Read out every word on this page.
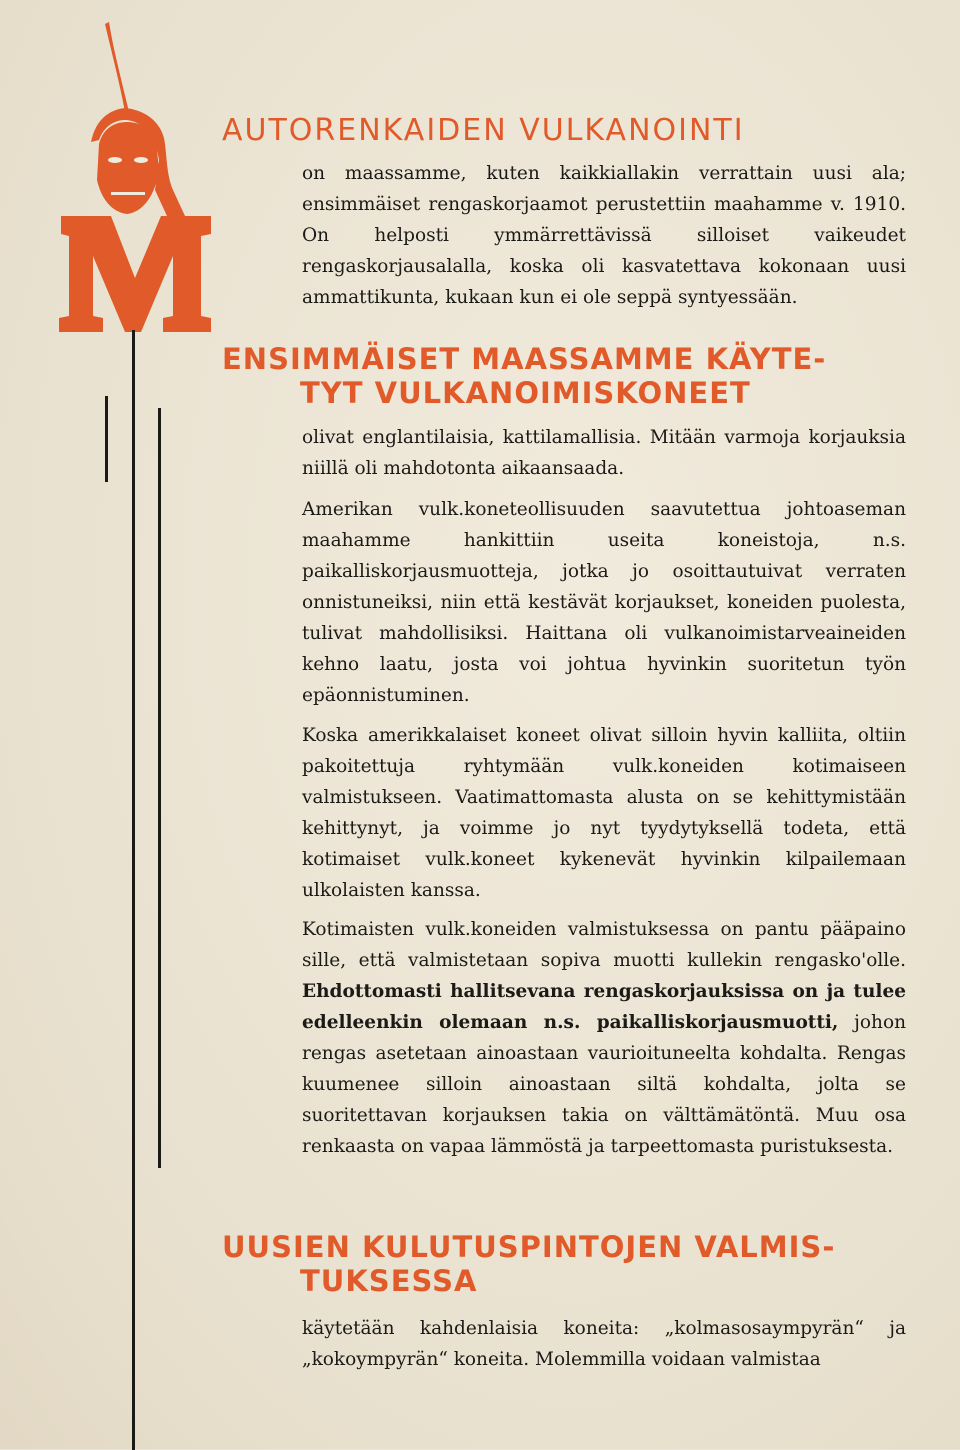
AUTORENKAIDEN VULKANOINTI

on maassamme, kuten kaikkiallakin verrattain uusi ala; ensimmäiset rengaskorjaamot perustettiin maahamme v. 1910. On helposti ymmärrettävissä silloiset vaikeudet rengaskorjausalalla, koska oli kasvatettava kokonaan uusi ammattikunta, kukaan kun ei ole seppä syntyessään.

ENSIMMÄISET MAASSAMME KÄYTE-
TYT VULKANOIMISKONEET

olivat englantilaisia, kattilamallisia. Mitään varmoja korjauksia niillä oli mahdotonta aikaansaada.

Amerikan vulk.koneteollisuuden saavutettua johtoaseman maahamme hankittiin useita koneistoja, n.s. paikalliskorjausmuotteja, jotka jo osoittautuivat verraten onnistuneiksi, niin että kestävät korjaukset, koneiden puolesta, tulivat mahdollisiksi. Haittana oli vulkanoimistarveaineiden kehno laatu, josta voi johtua hyvinkin suoritetun työn epäonnistuminen.

Koska amerikkalaiset koneet olivat silloin hyvin kalliita, oltiin pakoitettuja ryhtymään vulk.koneiden kotimaiseen valmistukseen. Vaatimattomasta alusta on se kehittymistään kehittynyt, ja voimme jo nyt tyydytyksellä todeta, että kotimaiset vulk.koneet kykenevät hyvinkin kilpailemaan ulkolaisten kanssa.

Kotimaisten vulk.koneiden valmistuksessa on pantu pääpaino sille, että valmistetaan sopiva muotti kullekin rengasko'olle. Ehdottomasti hallitsevana rengaskorjauksissa on ja tulee edelleenkin olemaan n.s. paikalliskorjausmuotti, johon rengas asetetaan ainoastaan vaurioituneelta kohdalta. Rengas kuumenee silloin ainoastaan siltä kohdalta, jolta se suoritettavan korjauksen takia on välttämätöntä. Muu osa renkaasta on vapaa lämmöstä ja tarpeettomasta puristuksesta.

UUSIEN KULUTUSPINTOJEN VALMIS-
TUKSESSA

käytetään kahdenlaisia koneita: „kolmasosaympyrän“ ja „kokoympyrän“ koneita. Molemmilla voidaan valmistaa
